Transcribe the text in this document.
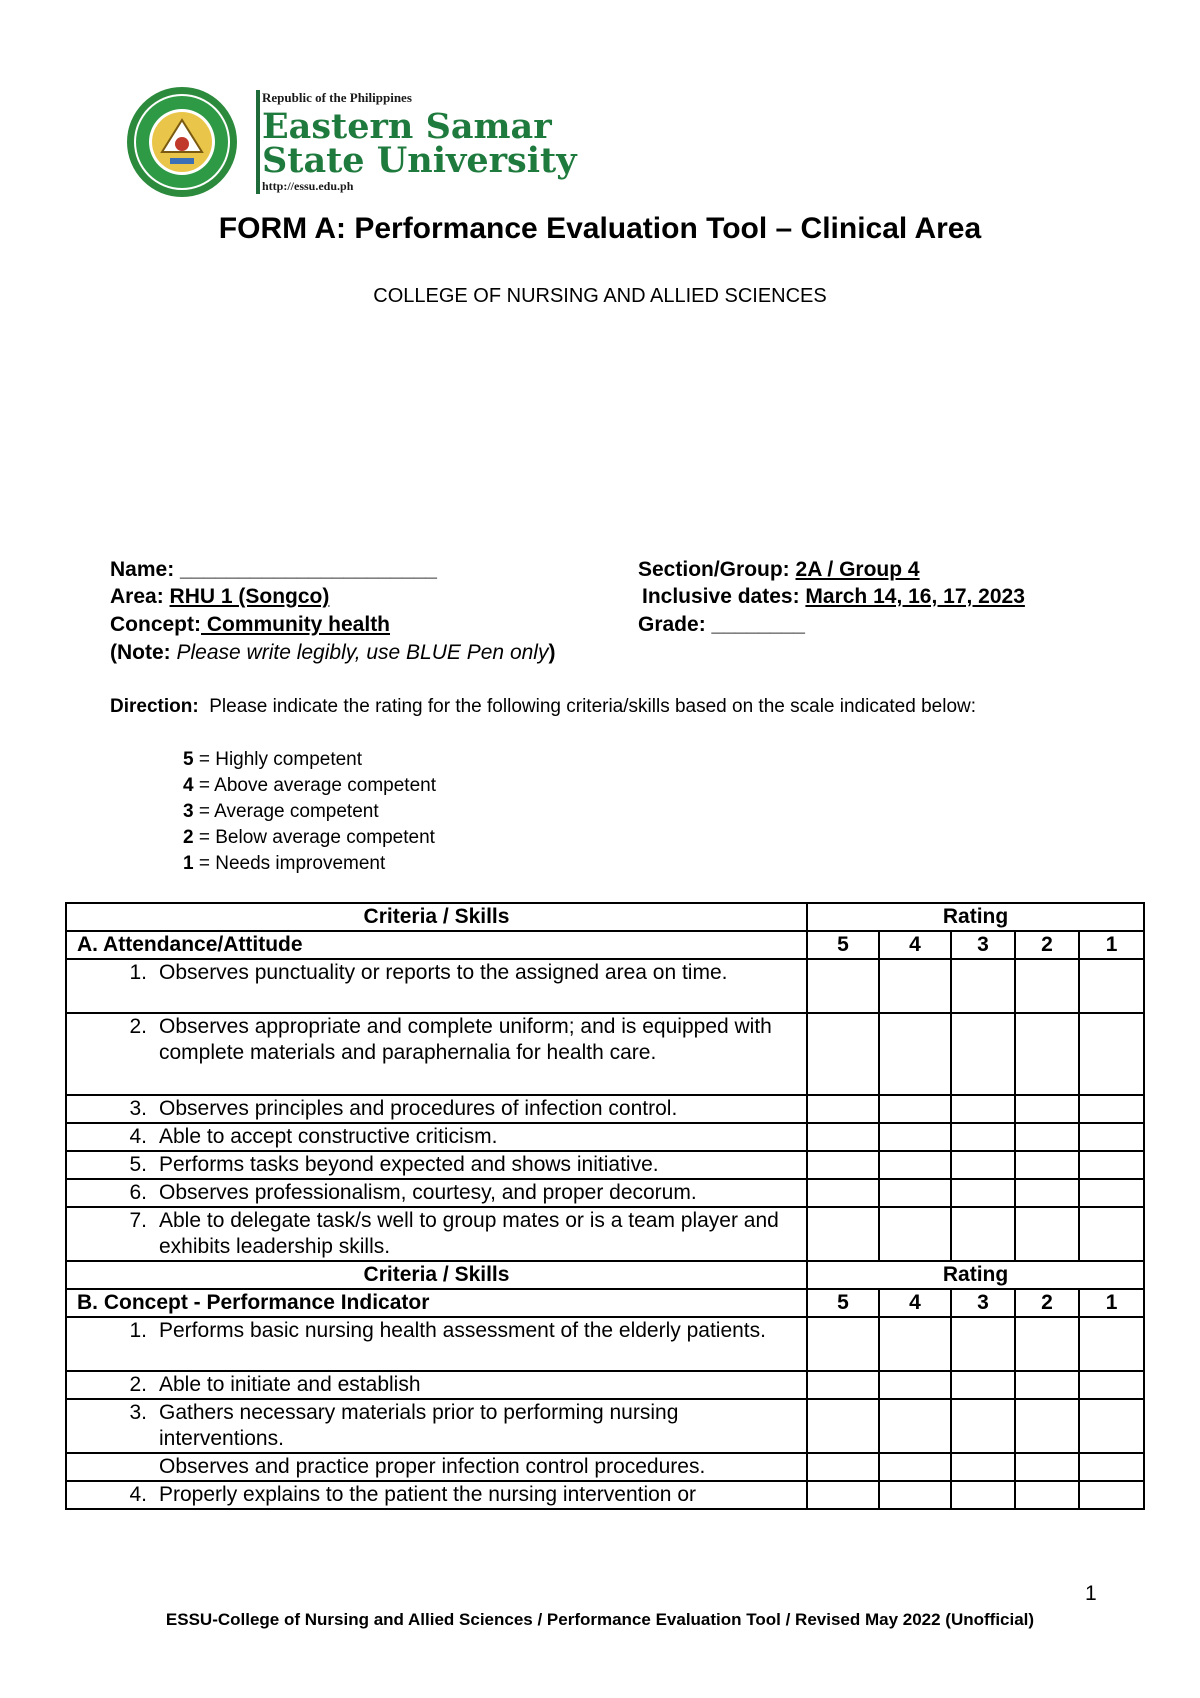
Republic of the Philippines
Eastern Samar
State University
http://essu.edu.ph
FORM A: Performance Evaluation Tool – Clinical Area
COLLEGE OF NURSING AND ALLIED SCIENCES
Name: ______________________
Area: RHU 1 (Songco)
Concept: Community health
(Note: Please write legibly, use BLUE Pen only)
Section/Group: 2A / Group 4
Inclusive dates: March 14, 16, 17, 2023
Grade: ________
Direction: Please indicate the rating for the following criteria/skills based on the scale indicated below:
5 = Highly competent
4 = Above average competent
3 = Average competent
2 = Below average competent
1 = Needs improvement
Criteria / Skills	Rating				
A. Attendance/Attitude	5	4	3	2	1

1. Observes punctuality or reports to the assigned area on time.					

2. Observes appropriate and complete uniform; and is equipped with complete materials and paraphernalia for health care.					

3. Observes principles and procedures of infection control.					

4. Able to accept constructive criticism.					

5. Performs tasks beyond expected and shows initiative.					

6. Observes professionalism, courtesy, and proper decorum.					

7. Able to delegate task/s well to group mates or is a team player and exhibits leadership skills.					

Criteria / Skills	Rating				
B. Concept - Performance Indicator	5	4	3	2	1

1. Performs basic nursing health assessment of the elderly patients.					

2. Able to initiate and establish					

3. Gathers necessary materials prior to performing nursing interventions.					

Observes and practice proper infection control procedures.					

4. Properly explains to the patient the nursing intervention or					

1
ESSU-College of Nursing and Allied Sciences / Performance Evaluation Tool / Revised May 2022 (Unofficial)
